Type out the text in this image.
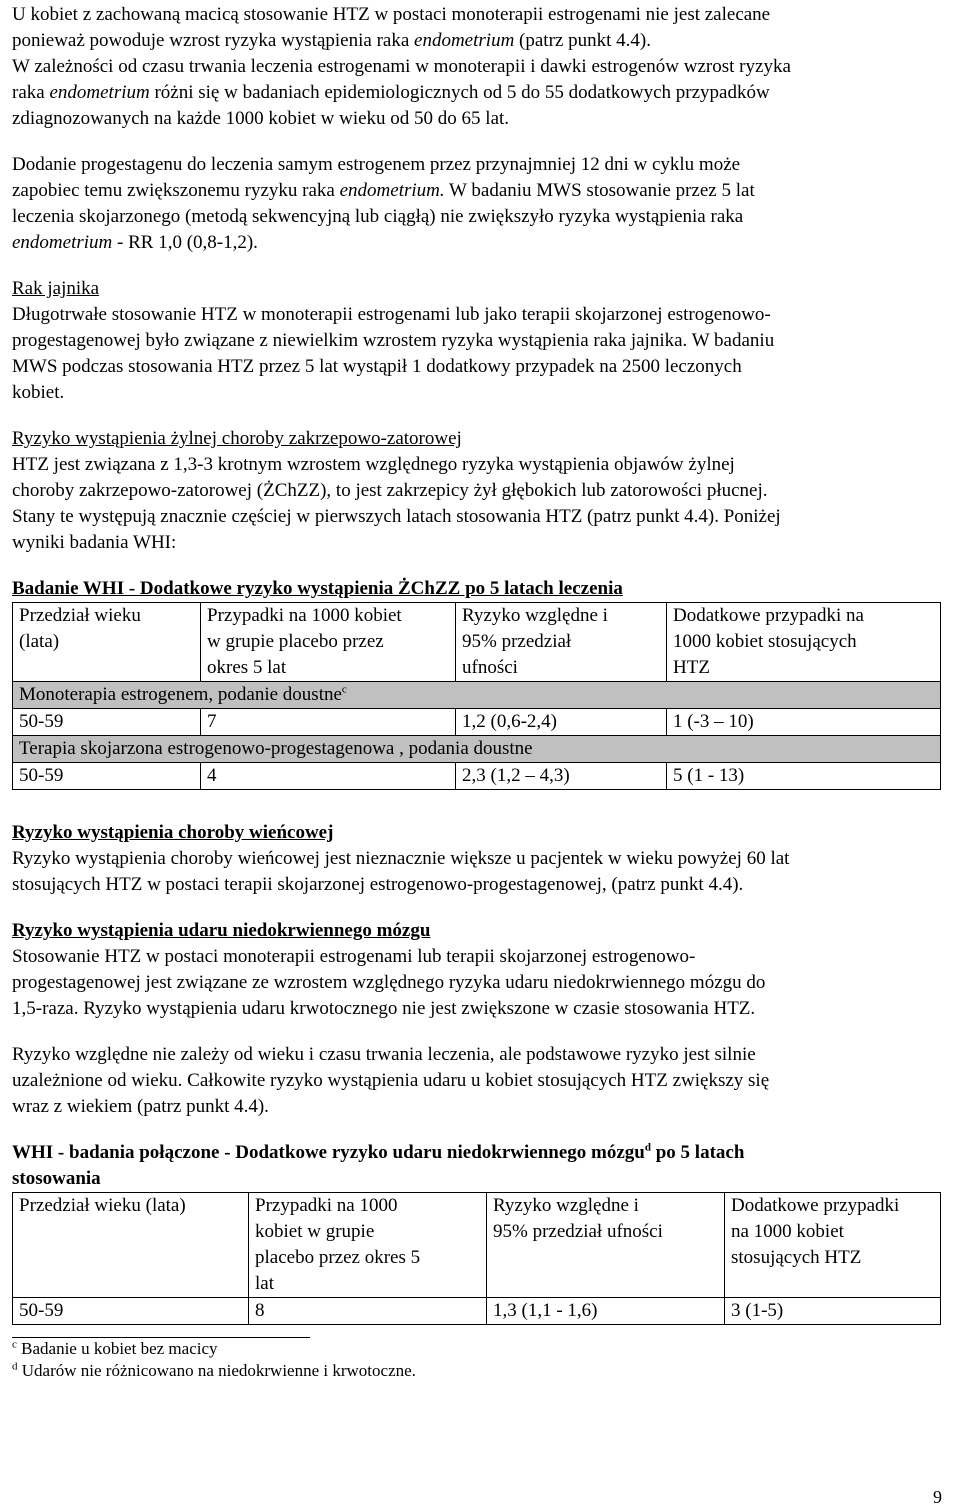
U kobiet z zachowaną macicą stosowanie HTZ w postaci monoterapii estrogenami nie jest zalecane
ponieważ powoduje wzrost ryzyka wystąpienia raka endometrium (patrz punkt 4.4).
W zależności od czasu trwania leczenia estrogenami w monoterapii i dawki estrogenów wzrost ryzyka
raka endometrium różni się w badaniach epidemiologicznych od 5 do 55 dodatkowych przypadków
zdiagnozowanych na każde 1000 kobiet w wieku od 50 do 65 lat.

Dodanie progestagenu do leczenia samym estrogenem przez przynajmniej 12 dni w cyklu może
zapobiec temu zwiększonemu ryzyku raka endometrium. W badaniu MWS stosowanie przez 5 lat
leczenia skojarzonego (metodą sekwencyjną lub ciągłą) nie zwiększyło ryzyka wystąpienia raka
endometrium - RR 1,0 (0,8-1,2).

Rak jajnika
Długotrwałe stosowanie HTZ w monoterapii estrogenami lub jako terapii skojarzonej estrogenowo-
progestagenowej było związane z niewielkim wzrostem ryzyka wystąpienia raka jajnika. W badaniu
MWS podczas stosowania HTZ przez 5 lat wystąpił 1 dodatkowy przypadek na 2500 leczonych
kobiet.

Ryzyko wystąpienia żylnej choroby zakrzepowo-zatorowej
HTZ jest związana z 1,3-3 krotnym wzrostem względnego ryzyka wystąpienia objawów żylnej
choroby zakrzepowo-zatorowej (ŻChZZ), to jest zakrzepicy żył głębokich lub zatorowości płucnej.
Stany te występują znacznie częściej w pierwszych latach stosowania HTZ (patrz punkt 4.4). Poniżej
wyniki badania WHI:

Badanie WHI - Dodatkowe ryzyko wystąpienia ŻChZZ po 5 latach leczenia

Przedział wieku
(lata)	Przypadki na 1000 kobiet
w grupie placebo przez
okres 5 lat	Ryzyko względne i
95% przedział
ufności	Dodatkowe przypadki na
1000 kobiet stosujących
HTZ
Monoterapia estrogenem, podanie doustne$^c$
50-59	7	1,2 (0,6-2,4)	1 (-3 – 10)
Terapia skojarzona estrogenowo-progestagenowa , podania doustne			
50-59	4	2,3 (1,2 – 4,3)	5 (1 - 13)

Ryzyko wystąpienia choroby wieńcowej
Ryzyko wystąpienia choroby wieńcowej jest nieznacznie większe u pacjentek w wieku powyżej 60 lat
stosujących HTZ w postaci terapii skojarzonej estrogenowo-progestagenowej, (patrz punkt 4.4).

Ryzyko wystąpienia udaru niedokrwiennego mózgu
Stosowanie HTZ w postaci monoterapii estrogenami lub terapii skojarzonej estrogenowo-
progestagenowej jest związane ze wzrostem względnego ryzyka udaru niedokrwiennego mózgu do
1,5-raza. Ryzyko wystąpienia udaru krwotocznego nie jest zwiększone w czasie stosowania HTZ.

Ryzyko względne nie zależy od wieku i czasu trwania leczenia, ale podstawowe ryzyko jest silnie
uzależnione od wieku. Całkowite ryzyko wystąpienia udaru u kobiet stosujących HTZ zwiększy się
wraz z wiekiem (patrz punkt 4.4).

WHI - badania połączone - Dodatkowe ryzyko udaru niedokrwiennego mózgu$^d$ po 5 latach
stosowania

Przedział wieku (lata)	Przypadki na 1000
kobiet w grupie
placebo przez okres 5
lat	Ryzyko względne i
95% przedział ufności	Dodatkowe przypadki
na 1000 kobiet
stosujących HTZ
50-59	8	1,3 (1,1 - 1,6)	3 (1-5)

$^c$ Badanie u kobiet bez macicy

$^d$ Udarów nie różnicowano na niedokrwienne i krwotoczne.

9
